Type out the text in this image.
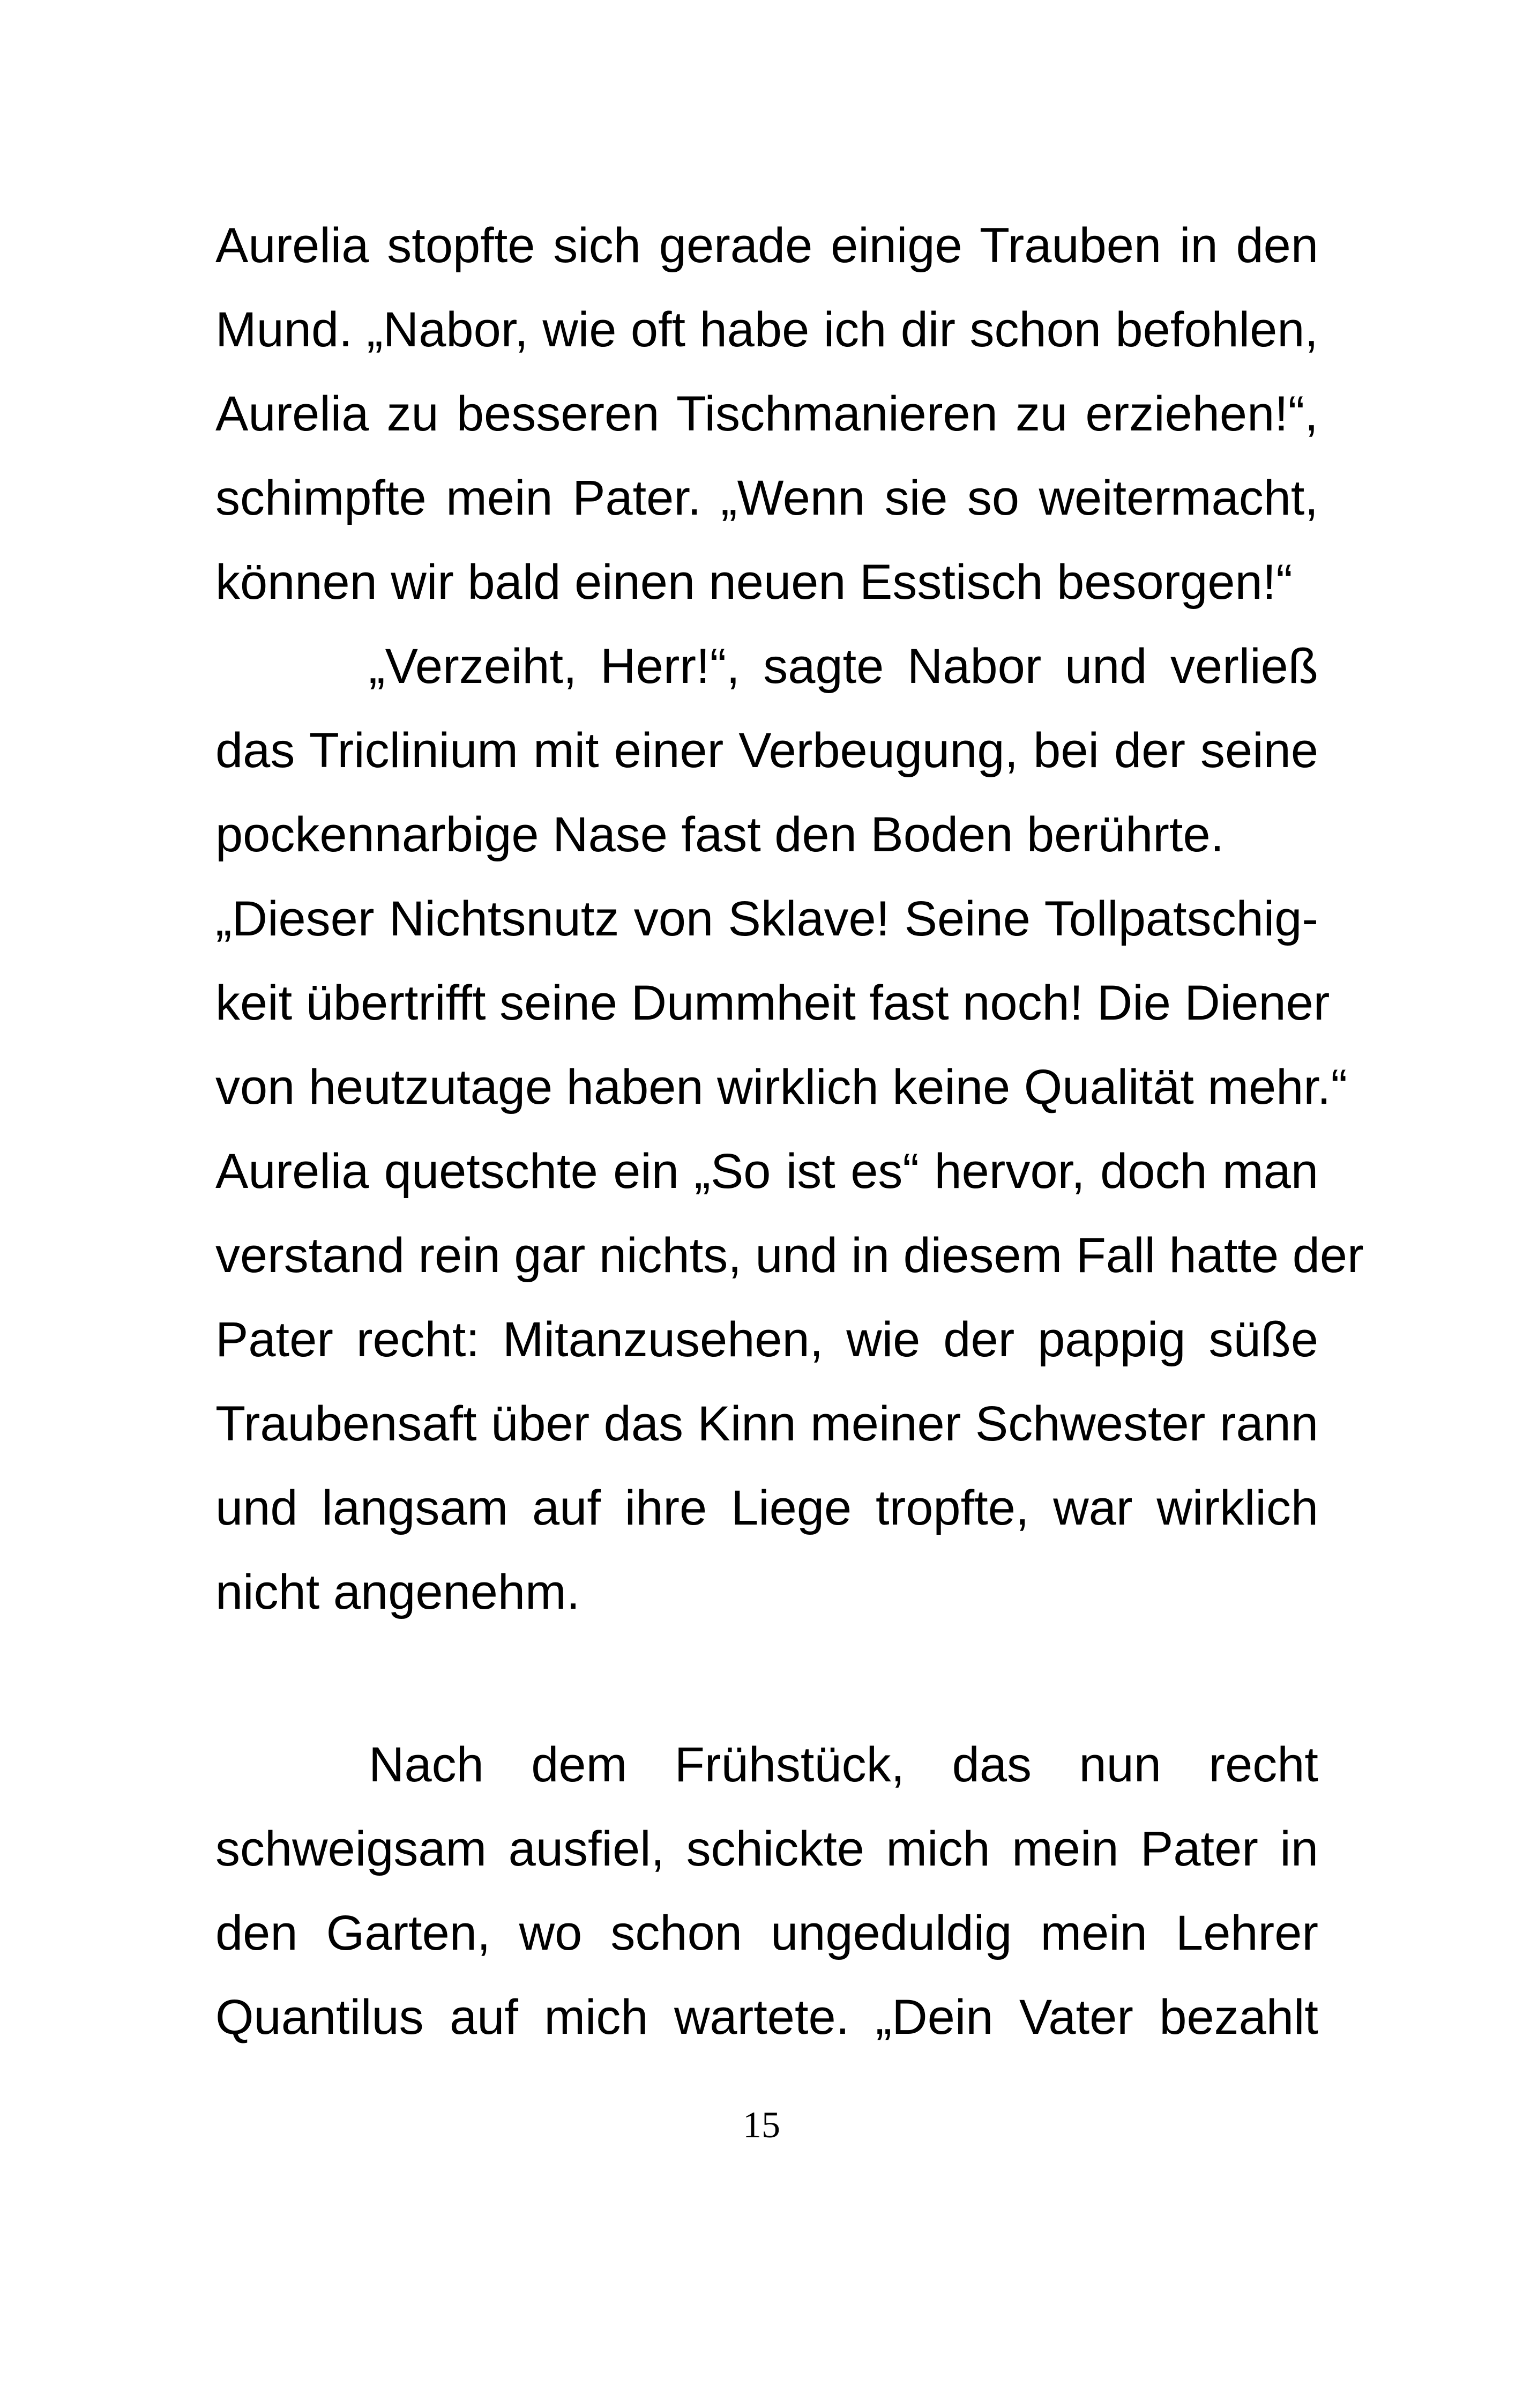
Aurelia stopfte sich gerade einige Trauben in den
Mund. „Nabor, wie oft habe ich dir schon befohlen,
Aurelia zu besseren Tischmanieren zu erziehen!“,
schimpfte mein Pater. „Wenn sie so weitermacht,
können wir bald einen neuen Esstisch besorgen!“
„Verzeiht, Herr!“, sagte Nabor und verließ
das Triclinium mit einer Verbeugung, bei der seine
pockennarbige Nase fast den Boden berührte.
„Dieser Nichtsnutz von Sklave! Seine Tollpatschig-
keit übertrifft seine Dummheit fast noch! Die Diener
von heutzutage haben wirklich keine Qualität mehr.“
Aurelia quetschte ein „So ist es“ hervor, doch man
verstand rein gar nichts, und in diesem Fall hatte der
Pater recht: Mitanzusehen, wie der pappig süße
Traubensaft über das Kinn meiner Schwester rann
und langsam auf ihre Liege tropfte, war wirklich
nicht angenehm.
Nach dem Frühstück, das nun recht
schweigsam ausfiel, schickte mich mein Pater in
den Garten, wo schon ungeduldig mein Lehrer
Quantilus auf mich wartete. „Dein Vater bezahlt
15
